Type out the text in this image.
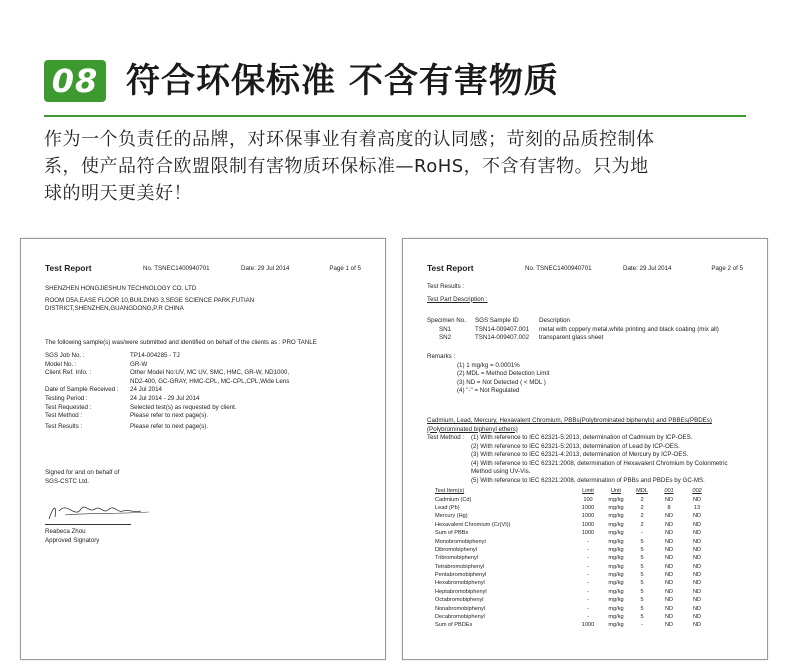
08 符合环保标准 不含有害物质
作为一个负责任的品牌，对环保事业有着高度的认同感；苛刻的品质控制体
系，使产品符合欧盟限制有害物质环保标准—RoHS，不含有害物。只为地
球的明天更美好！
Test Report	No. TSNEC1400940701	Date: 29 Jul 2014	Page 1 of 5
SHENZHEN HONGJIESHUN TECHNOLOGY CO. LTD
ROOM D5A,EASE FLOOR 10,BUILDING 3,SEGE SCIENCE PARK,FUTIAN
DISTRICT,SHENZHEN,GUANGDONG,P.R CHINA
The following sample(s) was/were submitted and identified on behalf of the clients as : PRO TANLE
SGS Job No. :	TP14-004285 - TJ
Model No. :	GR-W
Client Ref. Info. :	Other Model No:UV, MC UV, SMC, HMC, GR-W, ND1000,
ND2-400, GC-GRAY, HMC-CPL, MC-CPL,CPL,Wide Lens
Date of Sample Received : 24 Jul 2014
Testing Period :	24 Jul 2014 - 29 Jul 2014
Test Requested :	Selected test(s) as requested by client.
Test Method :	Please refer to next page(s).
Test Results :	Please refer to next page(s).
Signed for and on behalf of
SGS-CSTC Ltd.
Reabeca Zhou
Approved Signatory
Test Report	No. TSNEC1400940701	Date: 29 Jul 2014	Page 2 of 5
Test Results :
Test Part Description :
Specimen No. SGS Sample ID	Description
SN1	TSN14-009407.001 metal with coppery metal,white printing and black coating (mix all)
SN2	TSN14-009407.002 transparent glass sheet
Remarks :
(1) 1 mg/kg = 0.0001%
(2) MDL = Method Detection Limit
(3) ND = Not Detected ( < MDL )
(4) "-" = Not Regulated
Cadmium, Lead, Mercury, Hexavalent Chromium, PBBs(Polybrominated biphenyls) and PBBEs(PBDEs)
(Polybrominated biphenyl ethers)
Test Method : (1) With reference to IEC 62321-5:2013, determination of Cadmium by ICP-OES.
(2) With reference to IEC 62321-5:2013, determination of Lead by ICP-OES.
(3) With reference to IEC 62321-4:2013, determination of Mercury by ICP-OES.
(4) With reference to IEC 62321:2008, determination of Hexavalent Chromium by Colorimetric
Method using UV-Vis.
(5) With reference to IEC 62321:2008, determination of PBBs and PBDEs by GC-MS.
Test Item(s)	Limit	Unit	MDL	001	002
Cadmium (Cd)	100	mg/kg	2	ND	ND
Lead (Pb)	1000	mg/kg	2	8	13
Mercury (Hg)	1000	mg/kg	2	ND	ND
Hexavalent Chromium (Cr(VI))	1000	mg/kg	2	ND	ND
Sum of PBBs	1000	mg/kg	-	ND	ND
Monobromobiphenyl	-	mg/kg	5	ND	ND
Dibromobiphenyl	-	mg/kg	5	ND	ND
Tribromobiphenyl	-	mg/kg	5	ND	ND
Tetrabromobiphenyl	-	mg/kg	5	ND	ND
Pentabromobiphenyl	-	mg/kg	5	ND	ND
Hexabromobiphenyl	-	mg/kg	5	ND	ND
Heptabromobiphenyl	-	mg/kg	5	ND	ND
Octabromobiphenyl	-	mg/kg	5	ND	ND
Nonabromobiphenyl	-	mg/kg	5	ND	ND
Decabromobiphenyl	-	mg/kg	5	ND	ND
Sum of PBDEs	1000	mg/kg	-	ND	ND
